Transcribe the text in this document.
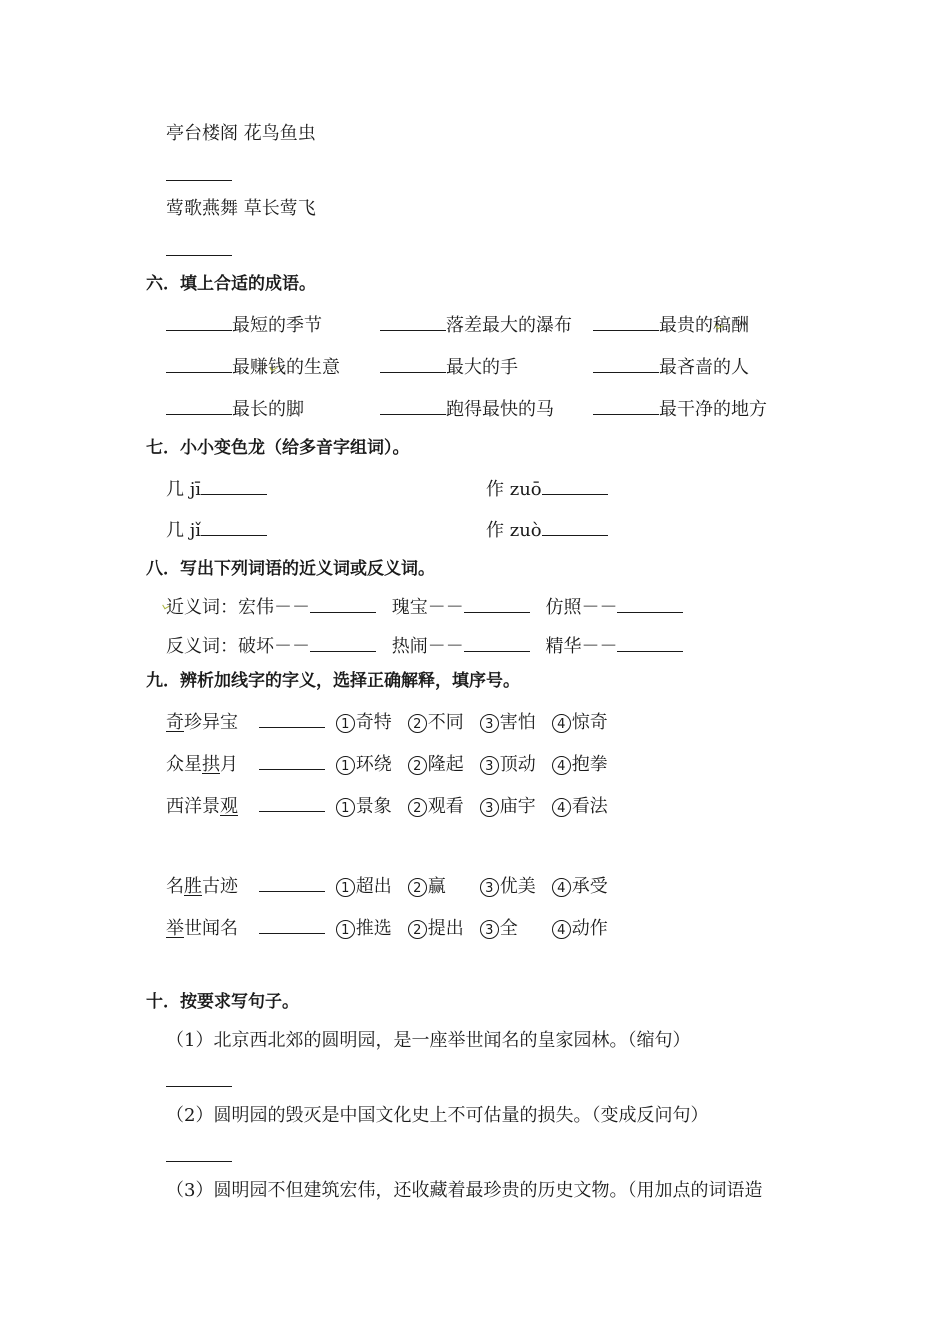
亭台楼阁 花鸟鱼虫
莺歌燕舞 草长莺飞
六．填上合适的成语。
最短的季节	落差最大的瀑布	最贵的稿酬
最赚钱的生意	最大的手	最吝啬的人
最长的脚	跑得最快的马	最干净的地方
七．小小变色龙（给多音字组词）。
几 jī	作 zuō
几 jǐ	作 zuò
八．写出下列词语的近义词或反义词。
近义词：宏伟－－	瑰宝－－	仿照－－
反义词：破坏－－	热闹－－	精华－－
九．辨析加线字的字义，选择正确解释，填序号。
奇珍异宝	1 奇特 2 不同 3 害怕 4 惊奇
众星拱月	1 环绕 2 隆起 3 顶动 4 抱拳
西洋景观	1 景象 2 观看 3 庙宇 4 看法
名胜古迹	1 超出 2 赢	3 优美 4 承受
举世闻名	1 推选 2 提出 3 全	4 动作
十．按要求写句子。
（1）北京西北郊的圆明园，是一座举世闻名的皇家园林。（缩句）
（2）圆明园的毁灭是中国文化史上不可估量的损失。（变成反问句）
（3）圆明园不但建筑宏伟，还收藏着最珍贵的历史文物。（用加点的词语造
